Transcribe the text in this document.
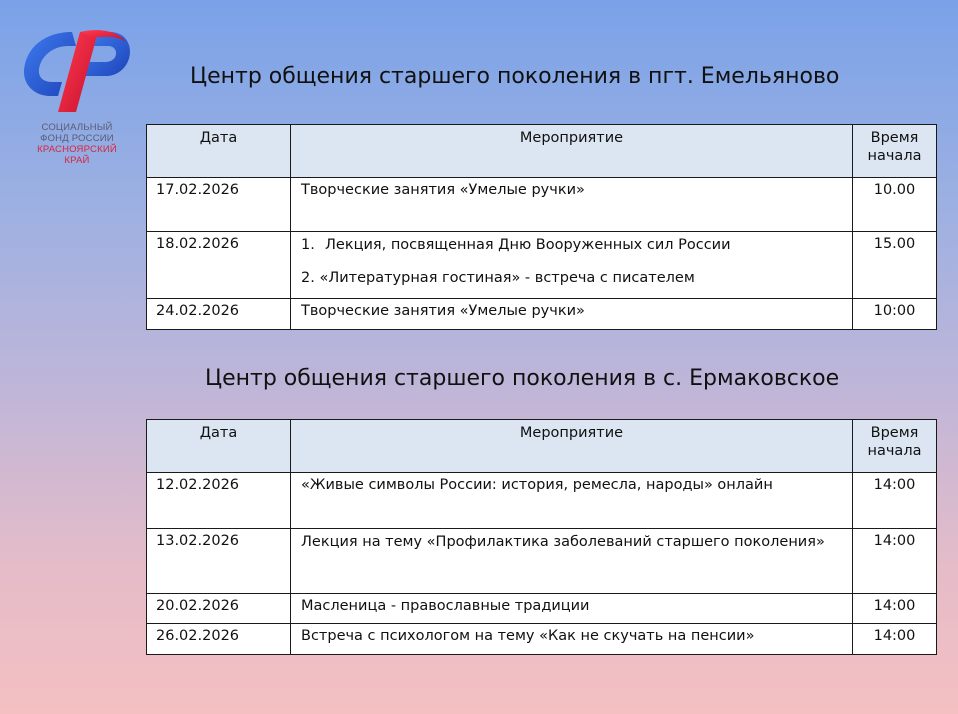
СОЦИАЛЬНЫЙ
ФОНД РОССИИ
КРАСНОЯРСКИЙ
КРАЙ
Центр общения старшего поколения в пгт. Емельяново
Дата	Мероприятие	Время
начала
17.02.2026	Творческие занятия «Умелые ручки»	10.00
18.02.2026	1. Лекция, посвященная Дню Вооруженных сил России
2. «Литературная гостиная» - встреча с писателем	15.00
24.02.2026	Творческие занятия «Умелые ручки»	10:00
Центр общения старшего поколения в с. Ермаковское
Дата	Мероприятие	Время
начала
12.02.2026	«Живые символы России: история, ремесла, народы» онлайн	14:00
13.02.2026	Лекция на тему «Профилактика заболеваний старшего поколения»	14:00
20.02.2026	Масленица - православные традиции	14:00
26.02.2026	Встреча с психологом на тему «Как не скучать на пенсии»	14:00
